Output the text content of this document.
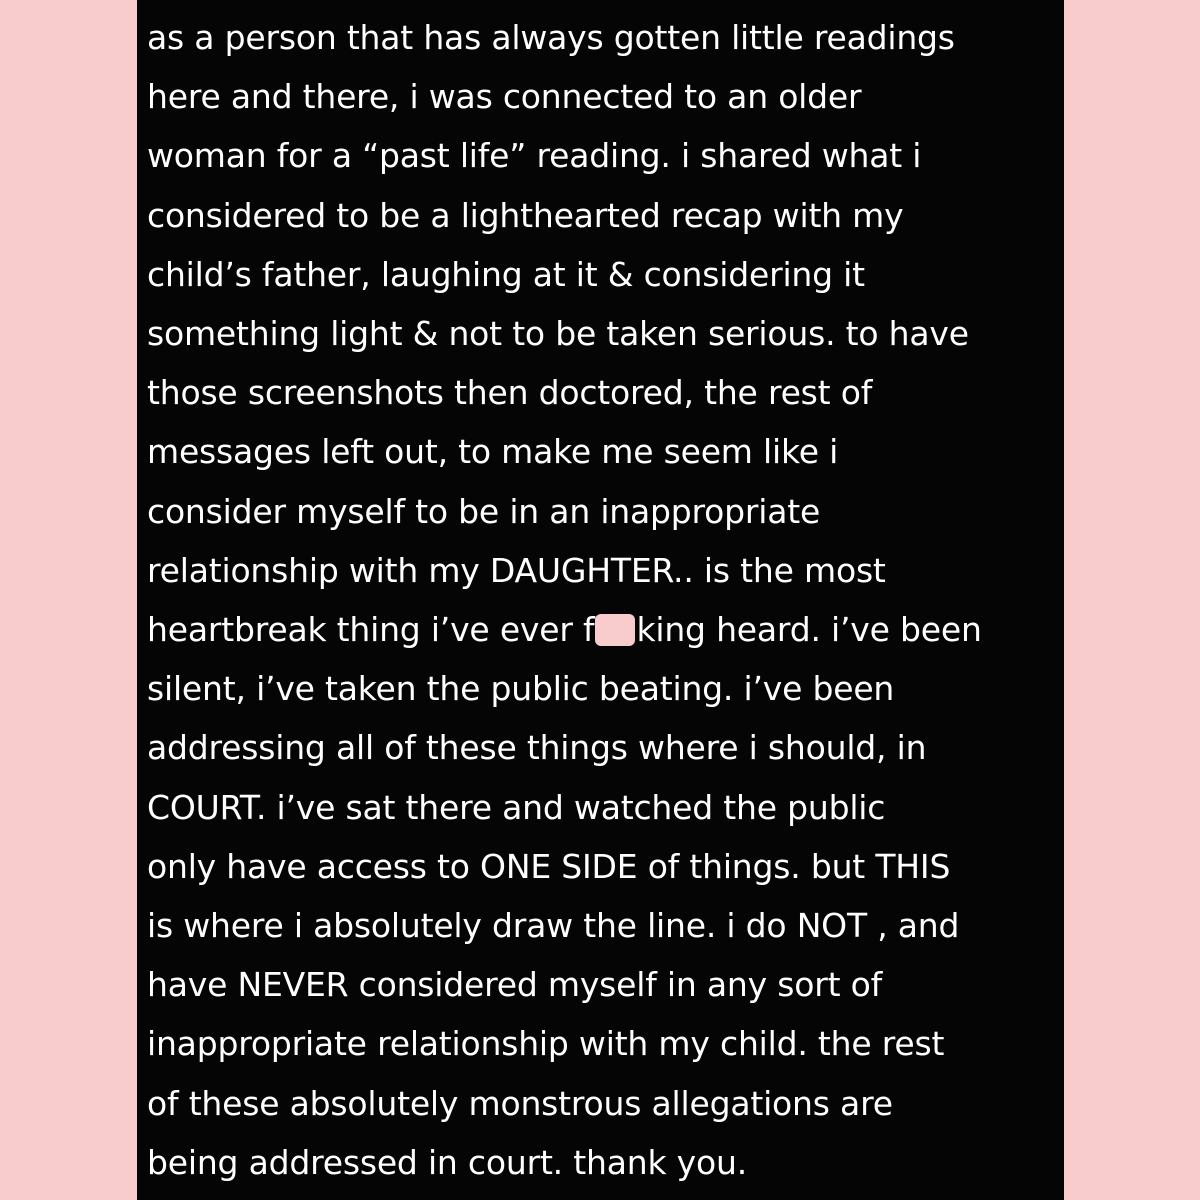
as a person that has always gotten little readings
here and there, i was connected to an older
woman for a “past life” reading. i shared what i
considered to be a lighthearted recap with my
child’s father, laughing at it & considering it
something light & not to be taken serious. to have
those screenshots then doctored, the rest of
messages left out, to make me seem like i
consider myself to be in an inappropriate
relationship with my DAUGHTER.. is the most
heartbreak thing i’ve ever f king heard. i’ve been
silent, i’ve taken the public beating. i’ve been
addressing all of these things where i should, in
COURT. i’ve sat there and watched the public
only have access to ONE SIDE of things. but THIS
is where i absolutely draw the line. i do NOT , and
have NEVER considered myself in any sort of
inappropriate relationship with my child. the rest
of these absolutely monstrous allegations are
being addressed in court. thank you.
